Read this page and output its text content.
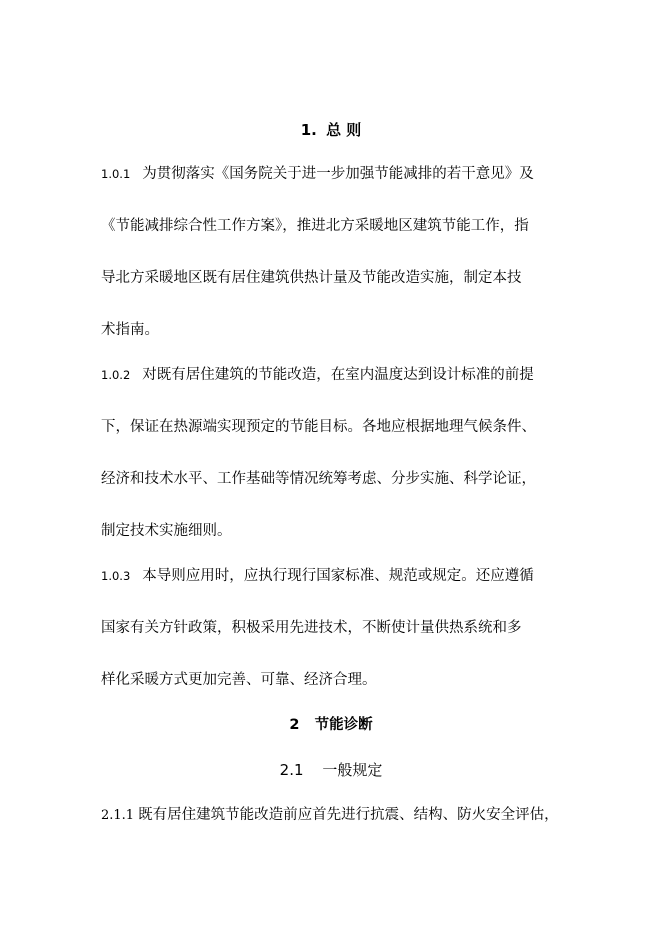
1. 总 则
1.0.1 为贯彻落实《国务院关于进一步加强节能减排的若干意见》及
《节能减排综合性工作方案》，推进北方采暖地区建筑节能工作，指
导北方采暖地区既有居住建筑供热计量及节能改造实施，制定本技
术指南。
1.0.2 对既有居住建筑的节能改造，在室内温度达到设计标准的前提
下，保证在热源端实现预定的节能目标。各地应根据地理气候条件、
经济和技术水平、工作基础等情况统筹考虑、分步实施、科学论证，
制定技术实施细则。
1.0.3 本导则应用时，应执行现行国家标准、规范或规定。还应遵循
国家有关方针政策，积极采用先进技术，不断使计量供热系统和多
样化采暖方式更加完善、可靠、经济合理。
2 节能诊断
2.1 一般规定
2.1.1 既有居住建筑节能改造前应首先进行抗震、结构、防火安全评估，
